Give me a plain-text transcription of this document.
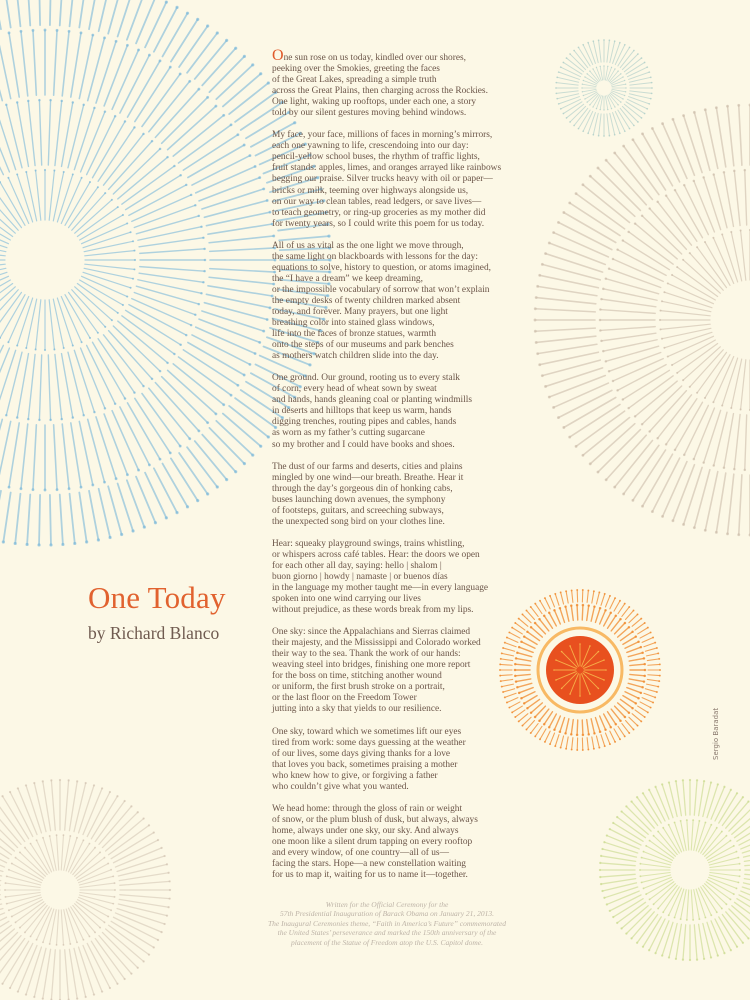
One Today
by Richard Blanco
One sun rose on us today, kindled over our shores,
peeking over the Smokies, greeting the faces
of the Great Lakes, spreading a simple truth
across the Great Plains, then charging across the Rockies.
One light, waking up rooftops, under each one, a story
told by our silent gestures moving behind windows.
My face, your face, millions of faces in morning’s mirrors,
each one yawning to life, crescendoing into our day:
pencil-yellow school buses, the rhythm of traffic lights,
fruit stands: apples, limes, and oranges arrayed like rainbows
begging our praise. Silver trucks heavy with oil or paper—
bricks or milk, teeming over highways alongside us,
on our way to clean tables, read ledgers, or save lives—
to teach geometry, or ring-up groceries as my mother did
for twenty years, so I could write this poem for us today.
All of us as vital as the one light we move through,
the same light on blackboards with lessons for the day:
equations to solve, history to question, or atoms imagined,
the “I have a dream” we keep dreaming,
or the impossible vocabulary of sorrow that won’t explain
the empty desks of twenty children marked absent
today, and forever. Many prayers, but one light
breathing color into stained glass windows,
life into the faces of bronze statues, warmth
onto the steps of our museums and park benches
as mothers watch children slide into the day.
One ground. Our ground, rooting us to every stalk
of corn, every head of wheat sown by sweat
and hands, hands gleaning coal or planting windmills
in deserts and hilltops that keep us warm, hands
digging trenches, routing pipes and cables, hands
as worn as my father’s cutting sugarcane
so my brother and I could have books and shoes.
The dust of our farms and deserts, cities and plains
mingled by one wind—our breath. Breathe. Hear it
through the day’s gorgeous din of honking cabs,
buses launching down avenues, the symphony
of footsteps, guitars, and screeching subways,
the unexpected song bird on your clothes line.
Hear: squeaky playground swings, trains whistling,
or whispers across café tables. Hear: the doors we open
for each other all day, saying: hello | shalom |
buon giorno | howdy | namaste | or buenos días
in the language my mother taught me—in every language
spoken into one wind carrying our lives
without prejudice, as these words break from my lips.
One sky: since the Appalachians and Sierras claimed
their majesty, and the Mississippi and Colorado worked
their way to the sea. Thank the work of our hands:
weaving steel into bridges, finishing one more report
for the boss on time, stitching another wound
or uniform, the first brush stroke on a portrait,
or the last floor on the Freedom Tower
jutting into a sky that yields to our resilience.
One sky, toward which we sometimes lift our eyes
tired from work: some days guessing at the weather
of our lives, some days giving thanks for a love
that loves you back, sometimes praising a mother
who knew how to give, or forgiving a father
who couldn’t give what you wanted.
We head home: through the gloss of rain or weight
of snow, or the plum blush of dusk, but always, always
home, always under one sky, our sky. And always
one moon like a silent drum tapping on every rooftop
and every window, of one country—all of us—
facing the stars. Hope—a new constellation waiting
for us to map it, waiting for us to name it—together.
Sergio Baradat
Written for the Official Ceremony for the
57th Presidential Inauguration of Barack Obama on January 21, 2013.
The Inaugural Ceremonies theme, “Faith in America’s Future” commemorated
the United States’ perseverance and marked the 150th anniversary of the
placement of the Statue of Freedom atop the U.S. Capitol dome.
